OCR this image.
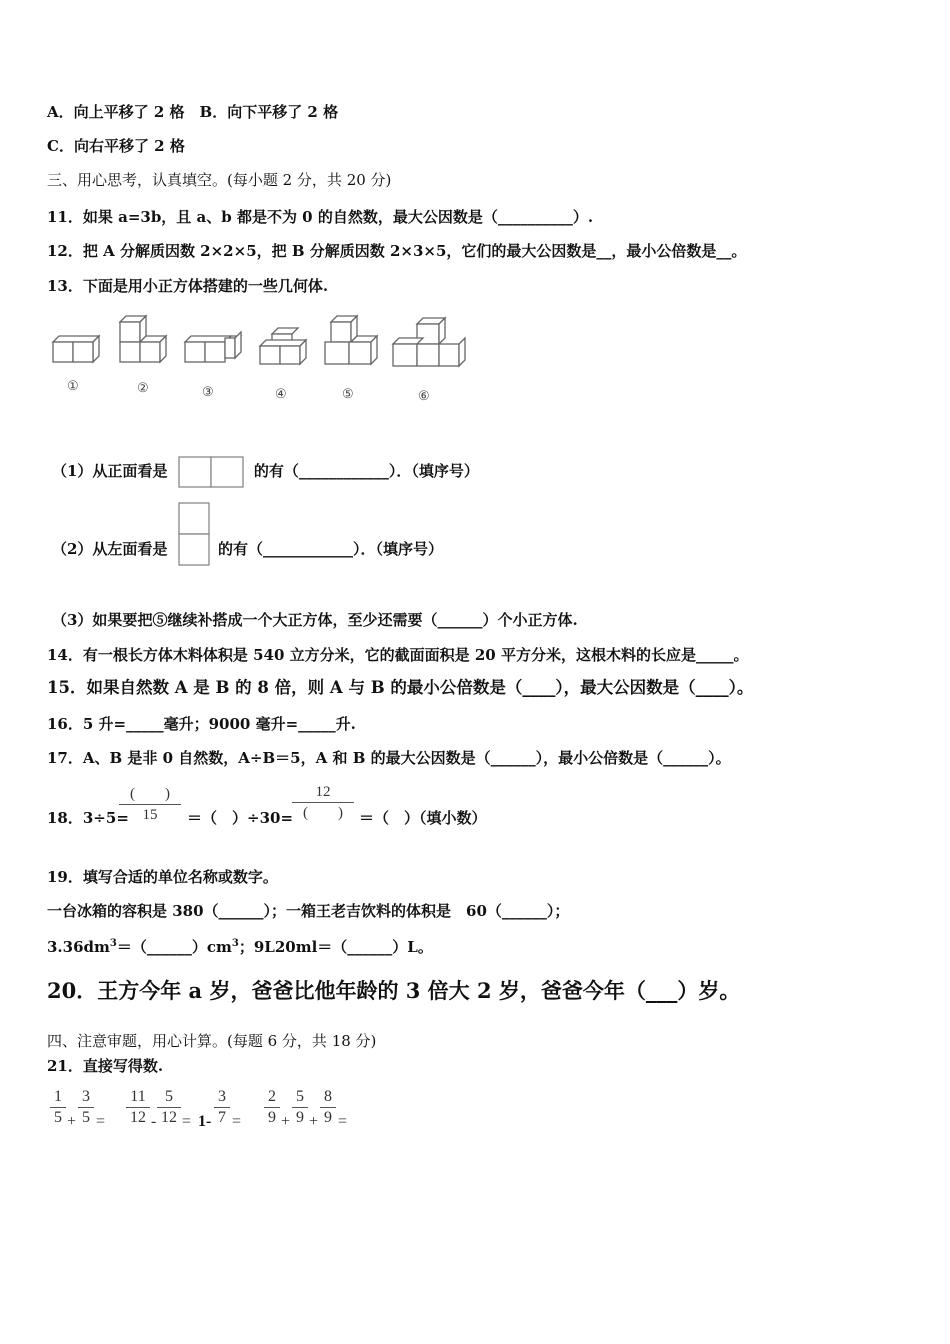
A．向上平移了 2 格　B．向下平移了 2 格
C．向右平移了 2 格
三、用心思考，认真填空。(每小题 2 分，共 20 分)
11．如果 a=3b，且 a、b 都是不为 0 的自然数，最大公因数是（__________）.
12．把 A 分解质因数 2×2×5，把 B 分解质因数 2×3×5，它们的最大公因数是__，最小公倍数是__。
13．下面是用小正方体搭建的一些几何体.
①	②	③	④	⑤	⑥
（1）从正面看是	的有（____________）．（填序号）
（2）从左面看是	的有（____________）．（填序号）
（3）如果要把⑤继续补搭成一个大正方体，至少还需要（______）个小正方体.
14．有一根长方体木料体积是 540 立方分米，它的截面面积是 20 平方分米，这根木料的长应是_____。
15．如果自然数 A 是 B 的 8 倍，则 A 与 B 的最小公倍数是（____），最大公因数是（____）。
16．5 升=_____毫升；9000 毫升=_____升.
17．A、B 是非 0 自然数，A÷B＝5，A 和 B 的最大公因数是（______），最小公倍数是（______）。
18．3÷5=
(　　)
15	＝（　）÷30=
12
(　　)	＝（　）（填小数）
19．填写合适的单位名称或数字。
一台冰箱的容积是 380（______）；一箱王老吉饮料的体积是　60（______）；
$3.36dm^3=(\_\_\_\_\_\_)cm^3$；9L20ml＝（______）L。
20．王方今年 a 岁，爸爸比他年龄的 3 倍大 2 岁，爸爸今年（___）岁。
四、注意审题，用心计算。(每题 6 分，共 18 分)
21．直接写得数.
$\frac{1}{5} + \frac{3}{5} = \frac{11}{12} - \frac{5}{12} = 1- \frac{3}{7} = \frac{2}{9} + \frac{5}{9} + \frac{8}{9}$ =
